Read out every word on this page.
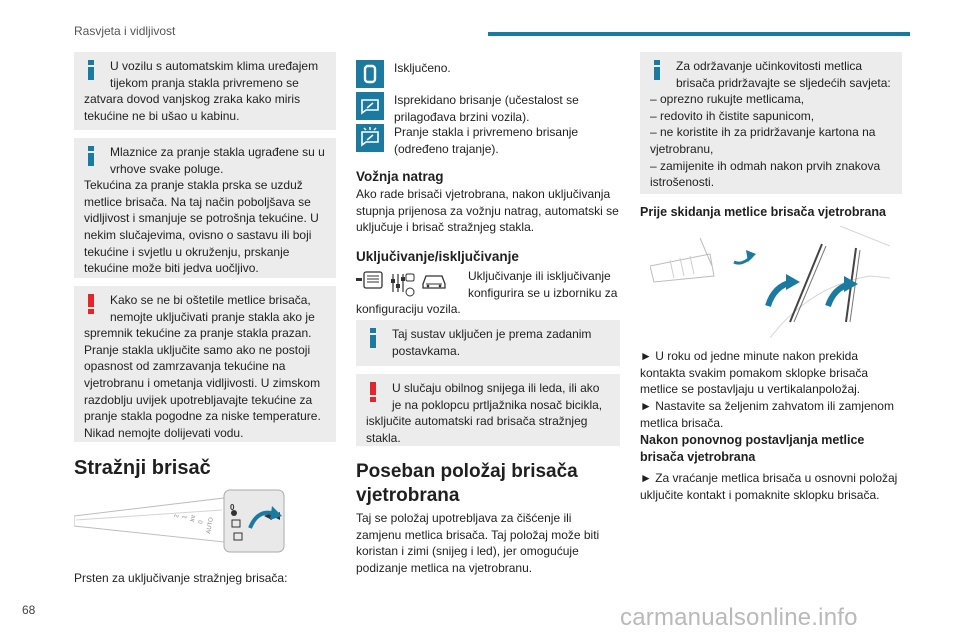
Rasvjeta i vidljivost

U vozilu s automatskim klima uređajem tijekom pranja stakla privremeno se

zatvara dovod vanjskog zraka kako miris tekućine ne bi ušao u kabinu.

Mlaznice za pranje stakla ugrađene su u vrhove svake poluge.

Tekućina za pranje stakla prska se uzduž metlice brisača. Na taj način poboljšava se vidljivost i smanjuje se potrošnja tekućine. U nekim slučajevima, ovisno o sastavu ili boji tekućine i svjetlu u okruženju, prskanje tekućine može biti jedva uočljivo.

Kako se ne bi oštetile metlice brisača, nemojte uključivati pranje stakla ako je

spremnik tekućine za pranje stakla prazan. Pranje stakla uključite samo ako ne postoji opasnost od zamrzavanja tekućine na vjetrobranu i ometanja vidljivosti. U zimskom razdoblju uvijek upotrebljavajte tekućine za pranje stakla pogodne za niske temperature. Nikad nemojte dolijevati vodu.

Stražnji brisač
2 1 Int 0 AUTO
0
Prsten za uključivanje stražnjeg brisača:
Isključeno.
Isprekidano brisanje (učestalost se prilagođava brzini vozila).
Pranje stakla i privremeno brisanje (određeno trajanje).
Vožnja natrag
Ako rade brisači vjetrobrana, nakon uključivanja stupnja prijenosa za vožnju natrag, automatski se uključuje i brisač stražnjeg stakla.
Uključivanje/isključivanje
Uključivanje ili isključivanje konfigurira se u izborniku za
konfiguraciju vozila.

Taj sustav uključen je prema zadanim postavkama.

U slučaju obilnog snijega ili leda, ili ako je na poklopcu prtljažnika nosač bicikla,

isključite automatski rad brisača stražnjeg stakla.

Poseban položaj brisača vjetrobrana
Taj se položaj upotrebljava za čišćenje ili zamjenu metlica brisača. Taj položaj može biti koristan i zimi (snijeg i led), jer omogućuje podizanje metlica na vjetrobranu.

Za održavanje učinkovitosti metlica brisača pridržavajte se sljedećih savjeta:

– oprezno rukujte metlicama,

– redovito ih čistite sapunicom,

– ne koristite ih za pridržavanje kartona na vjetrobranu,

– zamijenite ih odmah nakon prvih znakova istrošenosti.

Prije skidanja metlice brisača vjetrobrana
► U roku od jedne minute nakon prekida kontakta svakim pomakom sklopke brisača metlice se postavljaju u vertikalanpoložaj.
► Nastavite sa željenim zahvatom ili zamjenom metlica brisača.
Nakon ponovnog postavljanja metlice brisača vjetrobrana
► Za vraćanje metlica brisača u osnovni položaj uključite kontakt i pomaknite sklopku brisača.
68	carmanualsonline.info
